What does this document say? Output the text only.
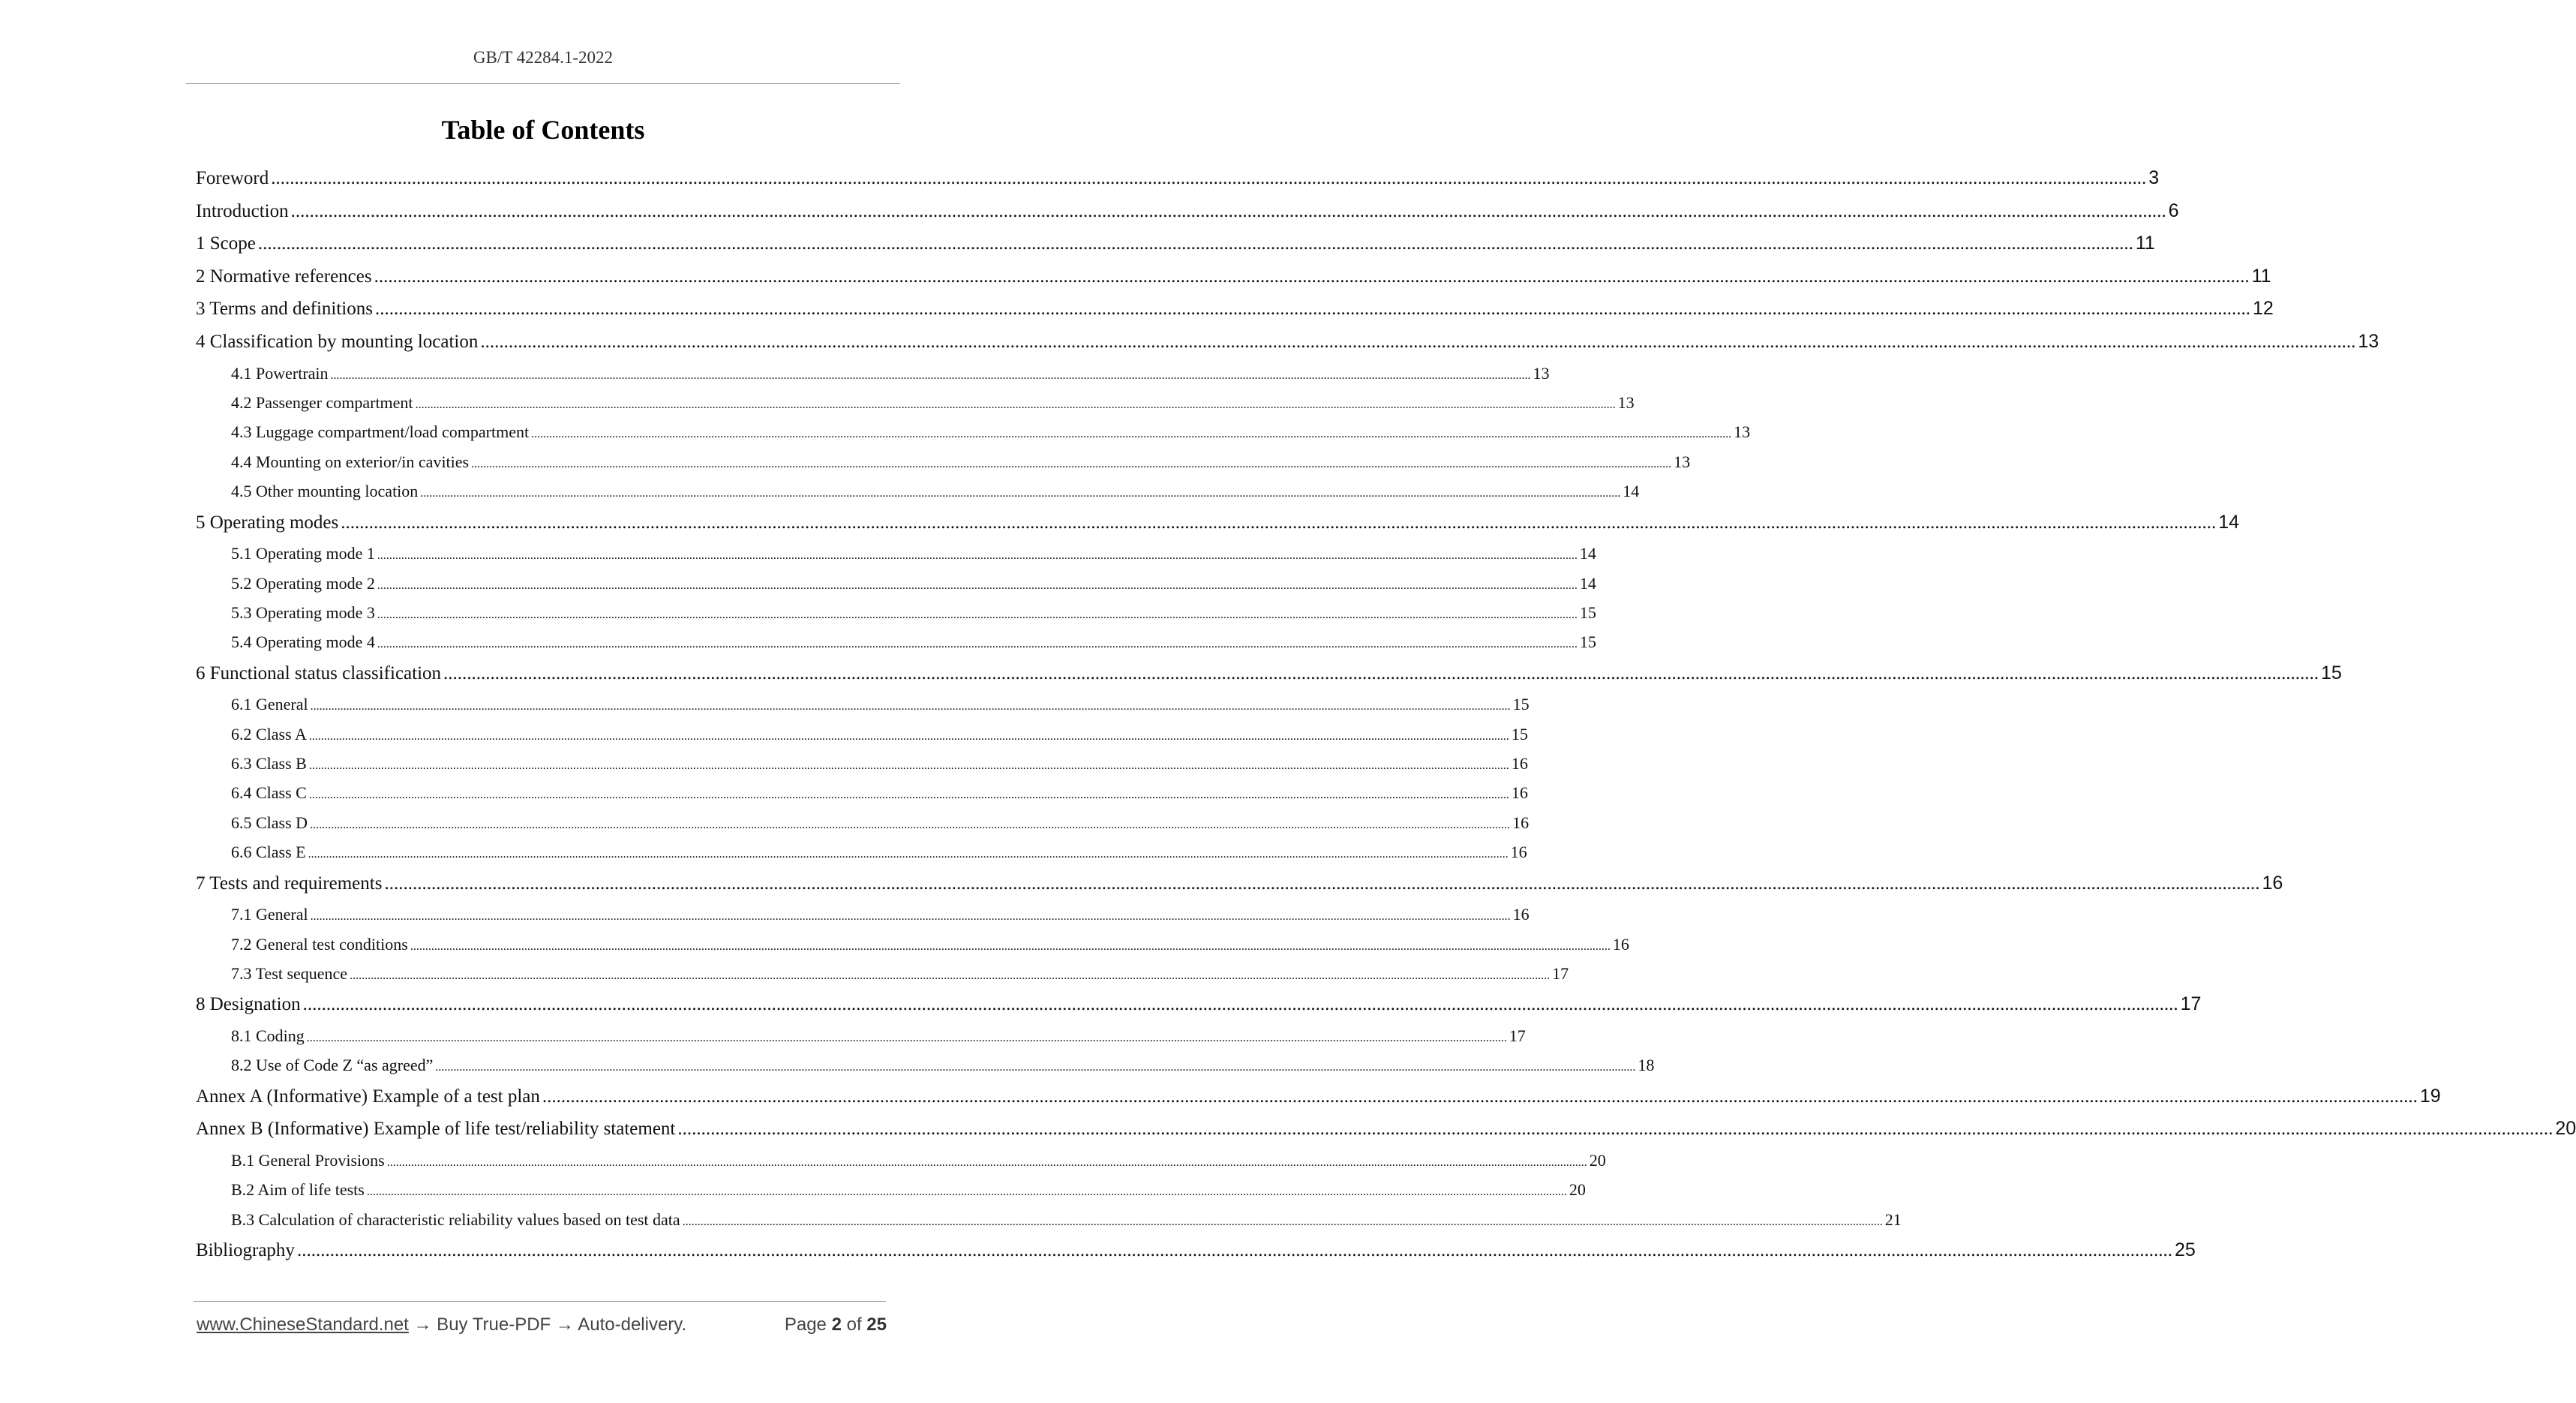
GB/T 42284.1-2022
Table of Contents
Foreword ................................................................................................................................................................................................................................................................................................................................................................................................................ 3
Introduction ................................................................................................................................................................................................................................................................................................................................................................................................................ 6
1 Scope ................................................................................................................................................................................................................................................................................................................................................................................................................ 11
2 Normative references ................................................................................................................................................................................................................................................................................................................................................................................................................ 11
3 Terms and definitions ................................................................................................................................................................................................................................................................................................................................................................................................................ 12
4 Classification by mounting location ................................................................................................................................................................................................................................................................................................................................................................................................................ 13
4.1 Powertrain ................................................................................................................................................................................................................................................................................................................................................................................................................ 13
4.2 Passenger compartment ................................................................................................................................................................................................................................................................................................................................................................................................................ 13
4.3 Luggage compartment/load compartment ................................................................................................................................................................................................................................................................................................................................................................................................................ 13
4.4 Mounting on exterior/in cavities ................................................................................................................................................................................................................................................................................................................................................................................................................ 13
4.5 Other mounting location ................................................................................................................................................................................................................................................................................................................................................................................................................ 14
5 Operating modes ................................................................................................................................................................................................................................................................................................................................................................................................................ 14
5.1 Operating mode 1 ................................................................................................................................................................................................................................................................................................................................................................................................................ 14
5.2 Operating mode 2 ................................................................................................................................................................................................................................................................................................................................................................................................................ 14
5.3 Operating mode 3 ................................................................................................................................................................................................................................................................................................................................................................................................................ 15
5.4 Operating mode 4 ................................................................................................................................................................................................................................................................................................................................................................................................................ 15
6 Functional status classification ................................................................................................................................................................................................................................................................................................................................................................................................................ 15
6.1 General ................................................................................................................................................................................................................................................................................................................................................................................................................ 15
6.2 Class A ................................................................................................................................................................................................................................................................................................................................................................................................................ 15
6.3 Class B ................................................................................................................................................................................................................................................................................................................................................................................................................ 16
6.4 Class C ................................................................................................................................................................................................................................................................................................................................................................................................................ 16
6.5 Class D ................................................................................................................................................................................................................................................................................................................................................................................................................ 16
6.6 Class E ................................................................................................................................................................................................................................................................................................................................................................................................................ 16
7 Tests and requirements ................................................................................................................................................................................................................................................................................................................................................................................................................ 16
7.1 General ................................................................................................................................................................................................................................................................................................................................................................................................................ 16
7.2 General test conditions ................................................................................................................................................................................................................................................................................................................................................................................................................ 16
7.3 Test sequence ................................................................................................................................................................................................................................................................................................................................................................................................................ 17
8 Designation ................................................................................................................................................................................................................................................................................................................................................................................................................ 17
8.1 Coding ................................................................................................................................................................................................................................................................................................................................................................................................................ 17
8.2 Use of Code Z “as agreed” ................................................................................................................................................................................................................................................................................................................................................................................................................ 18
Annex A (Informative) Example of a test plan ................................................................................................................................................................................................................................................................................................................................................................................................................ 19
Annex B (Informative) Example of life test/reliability statement ................................................................................................................................................................................................................................................................................................................................................................................................................ 20
B.1 General Provisions ................................................................................................................................................................................................................................................................................................................................................................................................................ 20
B.2 Aim of life tests ................................................................................................................................................................................................................................................................................................................................................................................................................ 20
B.3 Calculation of characteristic reliability values based on test data ................................................................................................................................................................................................................................................................................................................................................................................................................ 21
Bibliography ................................................................................................................................................................................................................................................................................................................................................................................................................ 25
www.ChineseStandard.net → Buy True-PDF → Auto-delivery.	Page 2 of 25
